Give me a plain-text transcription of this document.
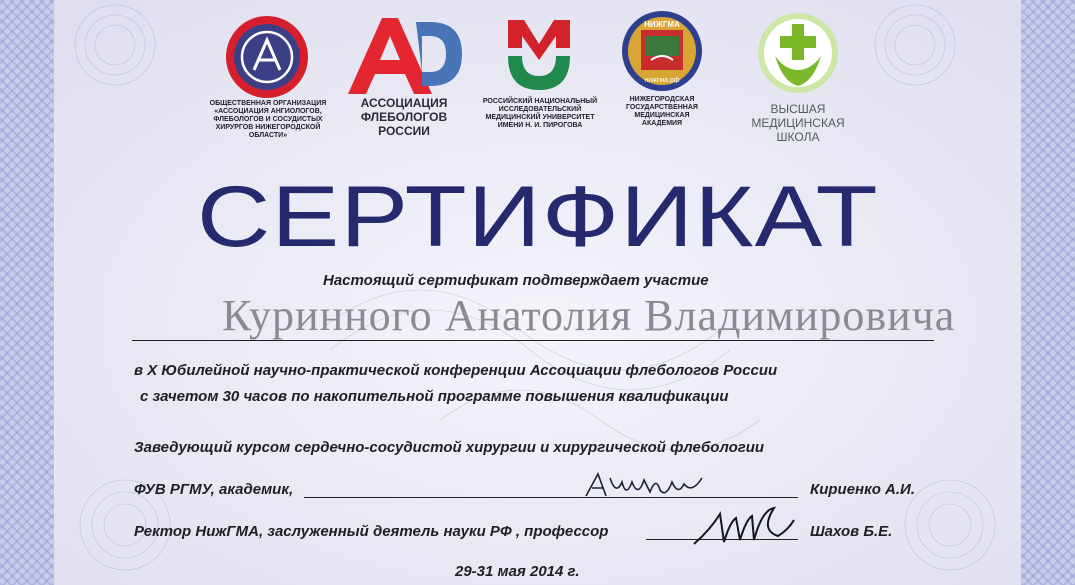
ОБЩЕСТВЕННАЯ ОРГАНИЗАЦИЯ
«АССОЦИАЦИЯ АНГИОЛОГОВ,
ФЛЕБОЛОГОВ И СОСУДИСТЫХ
ХИРУРГОВ НИЖЕГОРОДСКОЙ ОБЛАСТИ»
АССОЦИАЦИЯ
ФЛЕБОЛОГОВ
РОССИИ
РОССИЙСКИЙ НАЦИОНАЛЬНЫЙ
ИССЛЕДОВАТЕЛЬСКИЙ
МЕДИЦИНСКИЙ УНИВЕРСИТЕТ
ИМЕНИ Н. И. ПИРОГОВА
НИЖГМА
нижгма.рф
НИЖЕГОРОДСКАЯ
ГОСУДАРСТВЕННАЯ
МЕДИЦИНСКАЯ
АКАДЕМИЯ
ВЫСШАЯ
МЕДИЦИНСКАЯ
ШКОЛА
СЕРТИФИКАТ
Настоящий сертификат подтверждает участие
Куринного Анатолия Владимировича
в X Юбилейной научно-практической конференции Ассоциации флебологов России
с зачетом 30 часов по накопительной программе повышения квалификации
Заведующий курсом сердечно-сосудистой хирургии и хирургической флебологии
ФУВ РГМУ, академик,	Кириенко А.И.
Ректор НижГМА, заслуженный деятель науки РФ , профессор	Шахов Б.Е.
29-31 мая 2014 г.
